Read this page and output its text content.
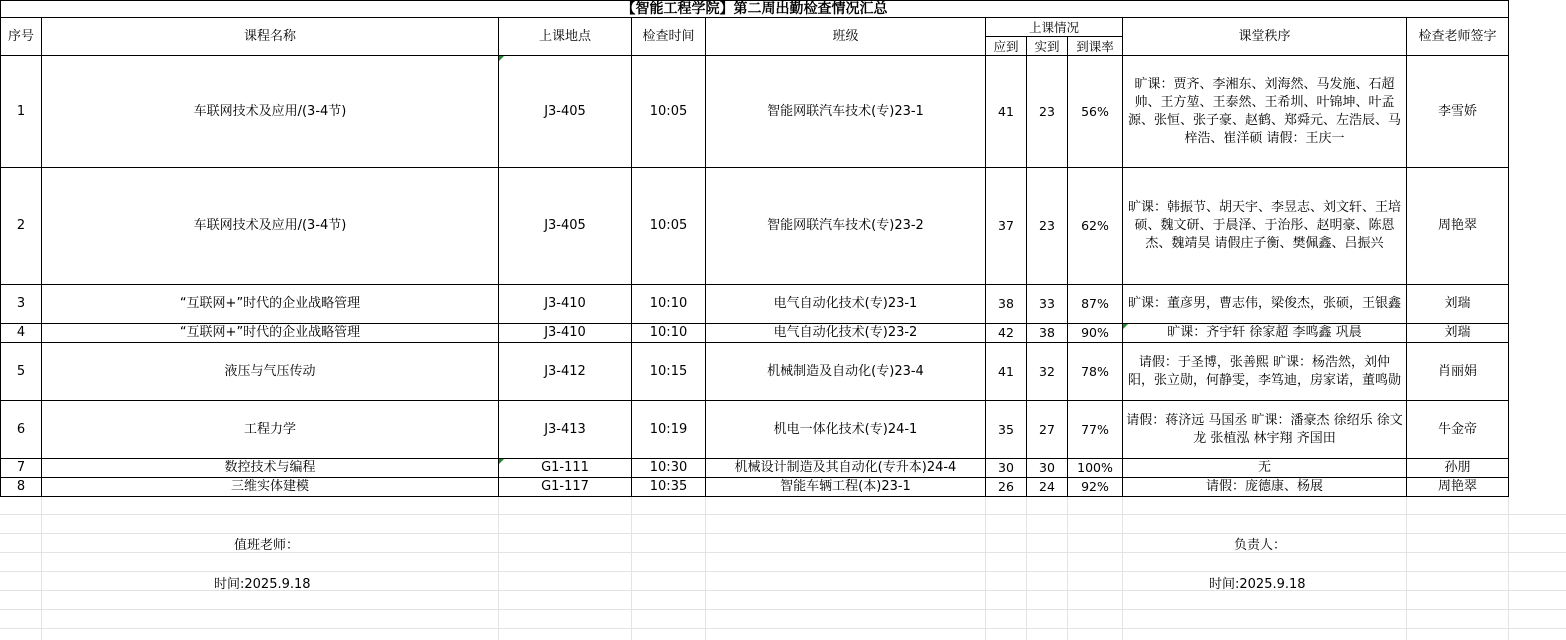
【智能工程学院】第二周出勤检查情况汇总									
序号	课程名称	上课地点	检查时间	班级	上课情况			课堂秩序	检查老师签字
					应到	实到	到课率		
1	车联网技术及应用/(3-4节)	J3-405	10:05	智能网联汽车技术(专)23-1	41	23	56%	旷课：贾齐、李湘东、刘海然、马发施、石超帅、王方堃、王泰然、王希圳、叶锦坤、叶孟源、张恒、张子豪、赵鹤、郑舜元、左浩辰、马梓浩、崔洋硕 请假：王庆一	李雪娇
2	车联网技术及应用/(3-4节)	J3-405	10:05	智能网联汽车技术(专)23-2	37	23	62%	旷课：韩振节、胡天宇、李昱志、刘文轩、王培硕、魏文研、于晨泽、于治彤、赵明豪、陈恩杰、魏靖昊 请假庄子衡、樊佩鑫、吕振兴	周艳翠
3	“互联网+”时代的企业战略管理	J3-410	10:10	电气自动化技术(专)23-1	38	33	87%	旷课：董彦男，曹志伟，梁俊杰，张硕，王银鑫	刘瑞
4	“互联网+”时代的企业战略管理	J3-410	10:10	电气自动化技术(专)23-2	42	38	90%	旷课：齐宇轩 徐家超 李鸣鑫 巩晨	刘瑞
5	液压与气压传动	J3-412	10:15	机械制造及自动化(专)23-4	41	32	78%	请假：于圣博，张善熙 旷课：杨浩然，刘仲阳，张立勋，何静雯，李笃迪，房家诺，董鸣勋	肖丽娟
6	工程力学	J3-413	10:19	机电一体化技术(专)24-1	35	27	77%	请假：蒋济远 马国丞 旷课：潘豪杰 徐绍乐 徐文龙 张植泓 林宇翔 齐国田	牛金帝
7	数控技术与编程	G1-111	10:30	机械设计制造及其自动化(专升本)24-4	30	30	100%	无	孙朋
8	三维实体建模	G1-117	10:35	智能车辆工程(本)23-1	26	24	92%	请假：庞德康、杨展	周艳翠
值班老师：	负责人：
时间:2025.9.18	时间:2025.9.18
